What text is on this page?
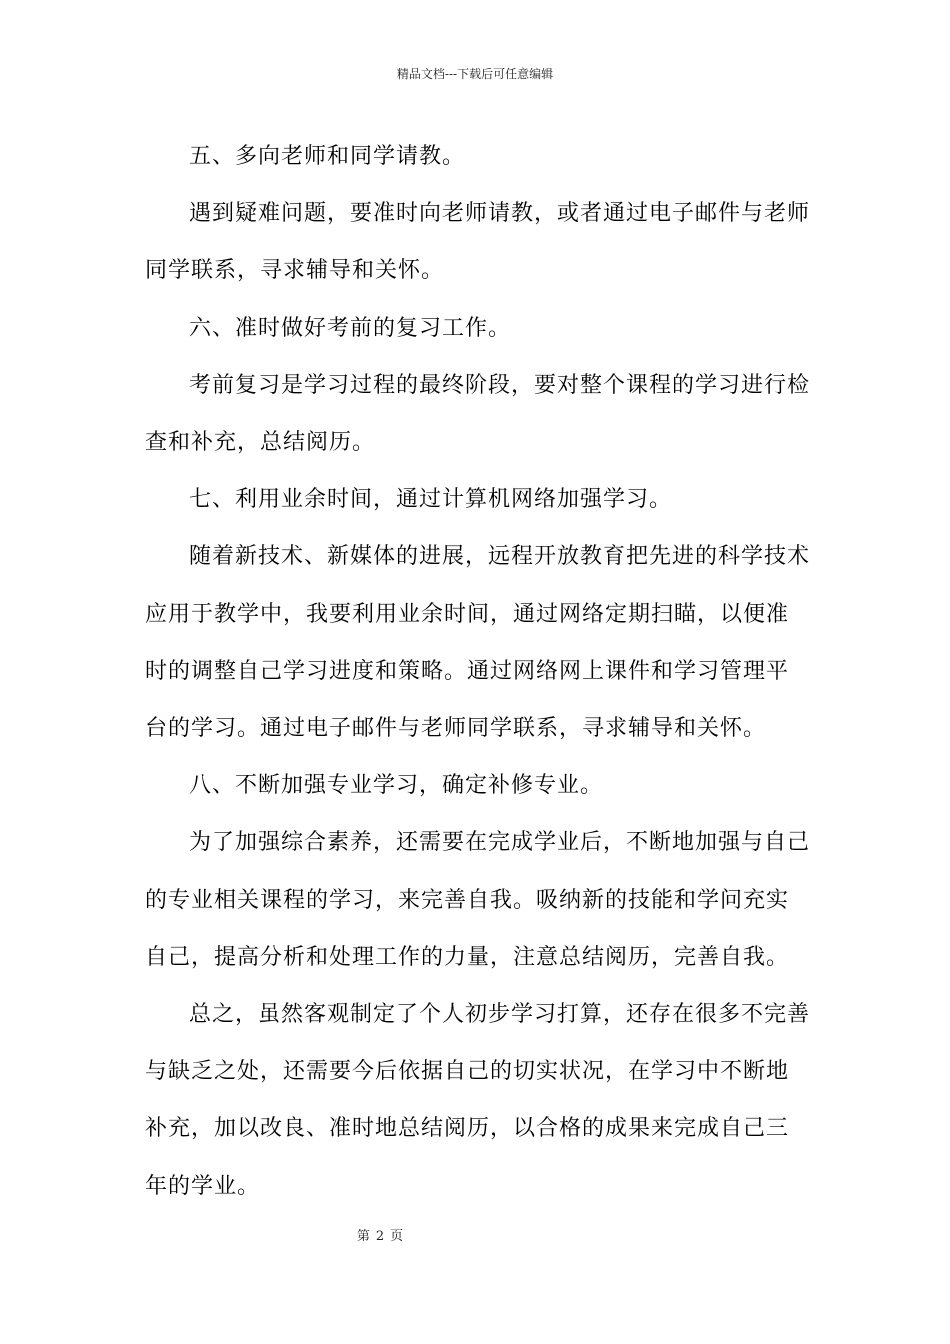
精品文档---下载后可任意编辑

五、多向老师和同学请教。

遇到疑难问题，要准时向老师请教，或者通过电子邮件与老师同学联系，寻求辅导和关怀。

六、准时做好考前的复习工作。

考前复习是学习过程的最终阶段，要对整个课程的学习进行检查和补充，总结阅历。

七、利用业余时间，通过计算机网络加强学习。

随着新技术、新媒体的进展，远程开放教育把先进的科学技术应用于教学中，我要利用业余时间，通过网络定期扫瞄，以便准时的调整自己学习进度和策略。通过网络网上课件和学习管理平台的学习。通过电子邮件与老师同学联系，寻求辅导和关怀。

八、不断加强专业学习，确定补修专业。

为了加强综合素养，还需要在完成学业后，不断地加强与自己的专业相关课程的学习，来完善自我。吸纳新的技能和学问充实自己，提高分析和处理工作的力量，注意总结阅历，完善自我。

总之，虽然客观制定了个人初步学习打算，还存在很多不完善与缺乏之处，还需要今后依据自己的切实状况，在学习中不断地补充，加以改良、准时地总结阅历，以合格的成果来完成自己三年的学业。

第 2 页
